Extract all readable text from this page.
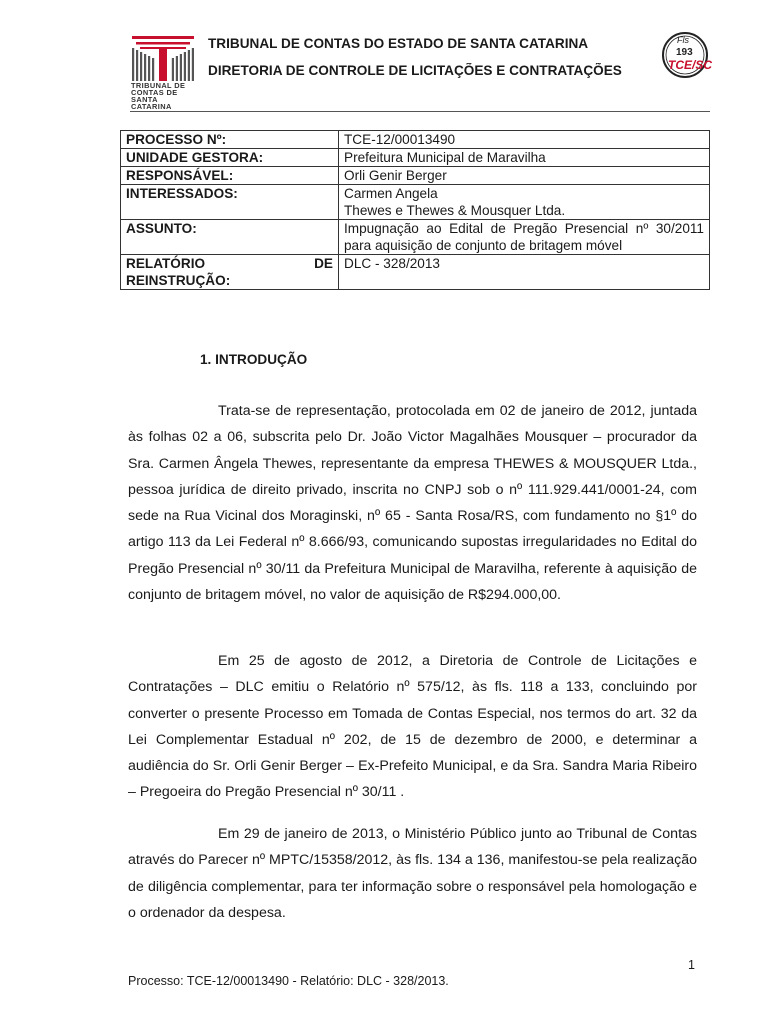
TRIBUNAL DE CONTAS DE SANTA CATARINA
TRIBUNAL DE CONTAS DO ESTADO DE SANTA CATARINA
DIRETORIA DE CONTROLE DE LICITAÇÕES E CONTRATAÇÕES
Fls
193
TCE/SC
PROCESSO Nº:	TCE-12/00013490
UNIDADE GESTORA:	Prefeitura Municipal de Maravilha
RESPONSÁVEL:	Orli Genir Berger
INTERESSADOS:	Carmen Angela
Thewes e Thewes & Mousquer Ltda.

ASSUNTO:	Impugnação ao Edital de Pregão Presencial nº 30/2011 para aquisição de conjunto de britagem móvel

RELATÓRIO DE
REINSTRUÇÃO:	DLC - 328/2013
1. INTRODUÇÃO

Trata-se de representação, protocolada em 02 de janeiro de 2012, juntada às folhas 02 a 06, subscrita pelo Dr. João Victor Magalhães Mousquer – procurador da Sra. Carmen Ângela Thewes, representante da empresa THEWES & MOUSQUER Ltda., pessoa jurídica de direito privado, inscrita no CNPJ sob o nº 111.929.441/0001-24, com sede na Rua Vicinal dos Moraginski, nº 65 - Santa Rosa/RS, com fundamento no §1º do artigo 113 da Lei Federal nº 8.666/93, comunicando supostas irregularidades no Edital do Pregão Presencial nº 30/11 da Prefeitura Municipal de Maravilha, referente à aquisição de conjunto de britagem móvel, no valor de aquisição de R$294.000,00.

Em 25 de agosto de 2012, a Diretoria de Controle de Licitações e Contratações – DLC emitiu o Relatório nº 575/12, às fls. 118 a 133, concluindo por converter o presente Processo em Tomada de Contas Especial, nos termos do art. 32 da Lei Complementar Estadual nº 202, de 15 de dezembro de 2000, e determinar a audiência do Sr. Orli Genir Berger – Ex-Prefeito Municipal, e da Sra. Sandra Maria Ribeiro – Pregoeira do Pregão Presencial nº 30/11 .

Em 29 de janeiro de 2013, o Ministério Público junto ao Tribunal de Contas através do Parecer nº MPTC/15358/2012, às fls. 134 a 136, manifestou-se pela realização de diligência complementar, para ter informação sobre o responsável pela homologação e o ordenador da despesa.

1
Processo: TCE-12/00013490 - Relatório: DLC - 328/2013.
